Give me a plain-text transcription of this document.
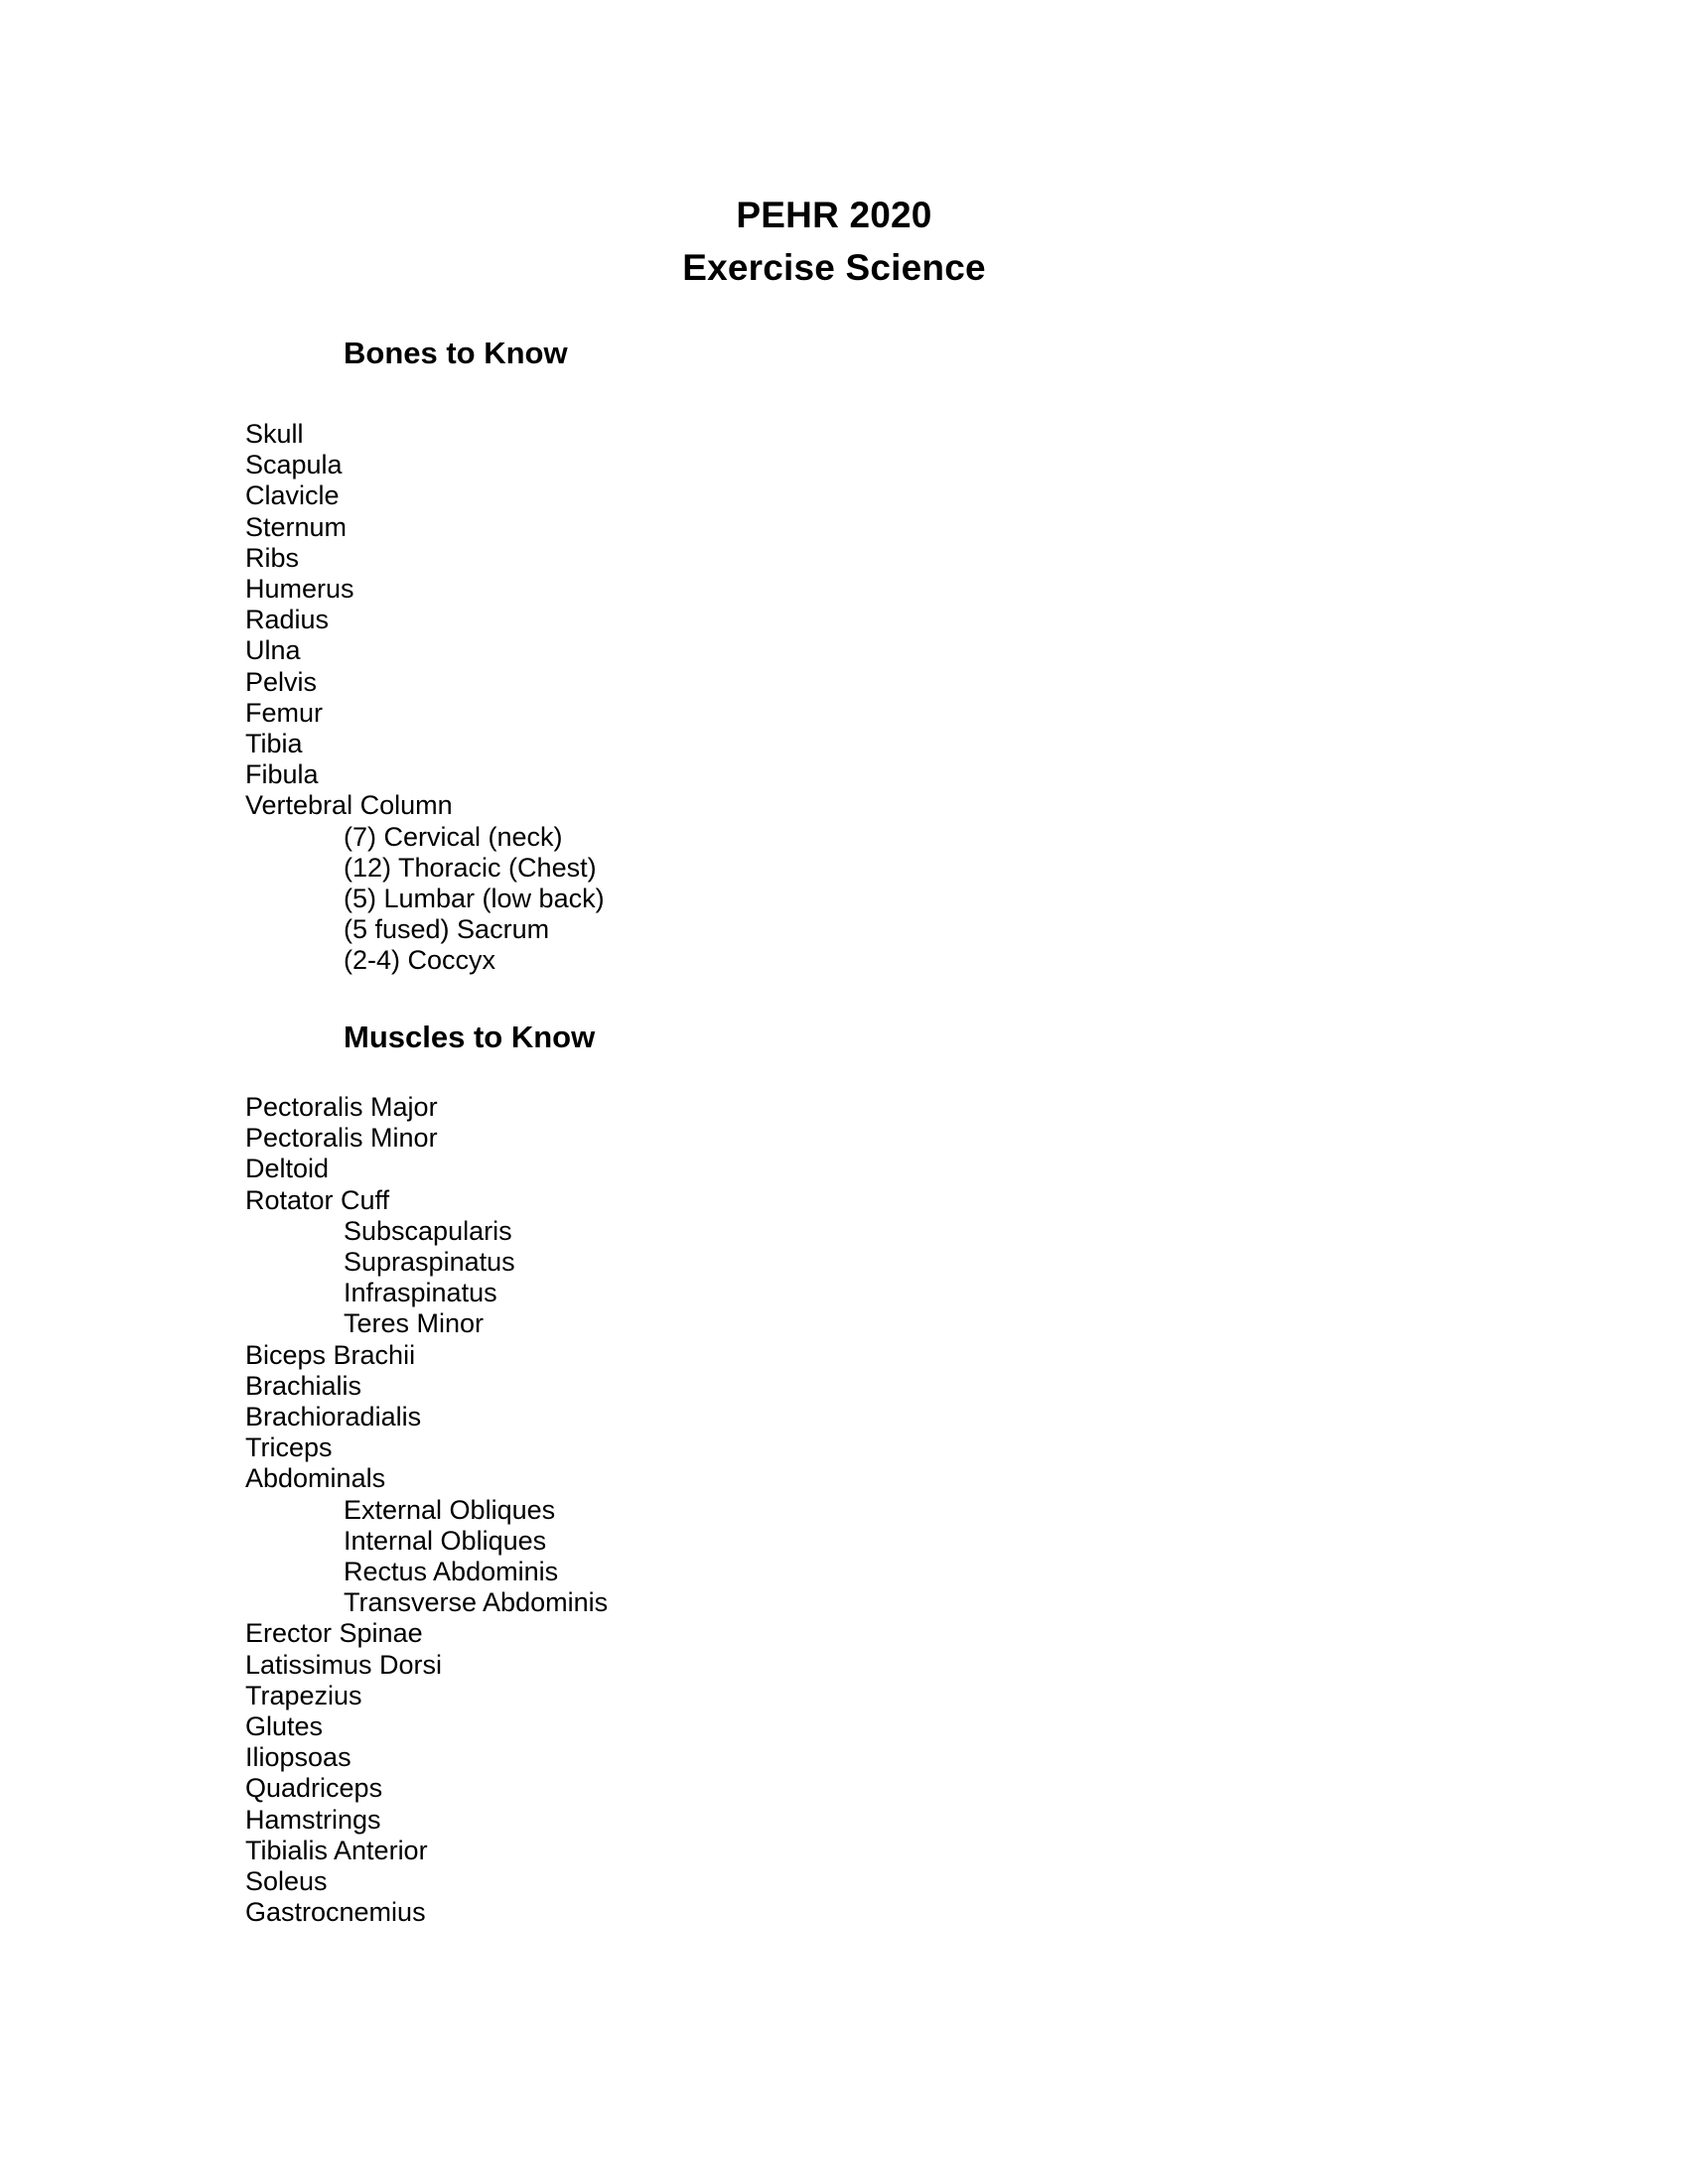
PEHR 2020
Exercise Science
Bones to Know
Skull
Scapula
Clavicle
Sternum
Ribs
Humerus
Radius
Ulna
Pelvis
Femur
Tibia
Fibula
Vertebral Column
(7) Cervical (neck)
(12) Thoracic (Chest)
(5) Lumbar (low back)
(5 fused) Sacrum
(2-4) Coccyx
Muscles to Know
Pectoralis Major
Pectoralis Minor
Deltoid
Rotator Cuff
Subscapularis
Supraspinatus
Infraspinatus
Teres Minor
Biceps Brachii
Brachialis
Brachioradialis
Triceps
Abdominals
External Obliques
Internal Obliques
Rectus Abdominis
Transverse Abdominis
Erector Spinae
Latissimus Dorsi
Trapezius
Glutes
Iliopsoas
Quadriceps
Hamstrings
Tibialis Anterior
Soleus
Gastrocnemius
